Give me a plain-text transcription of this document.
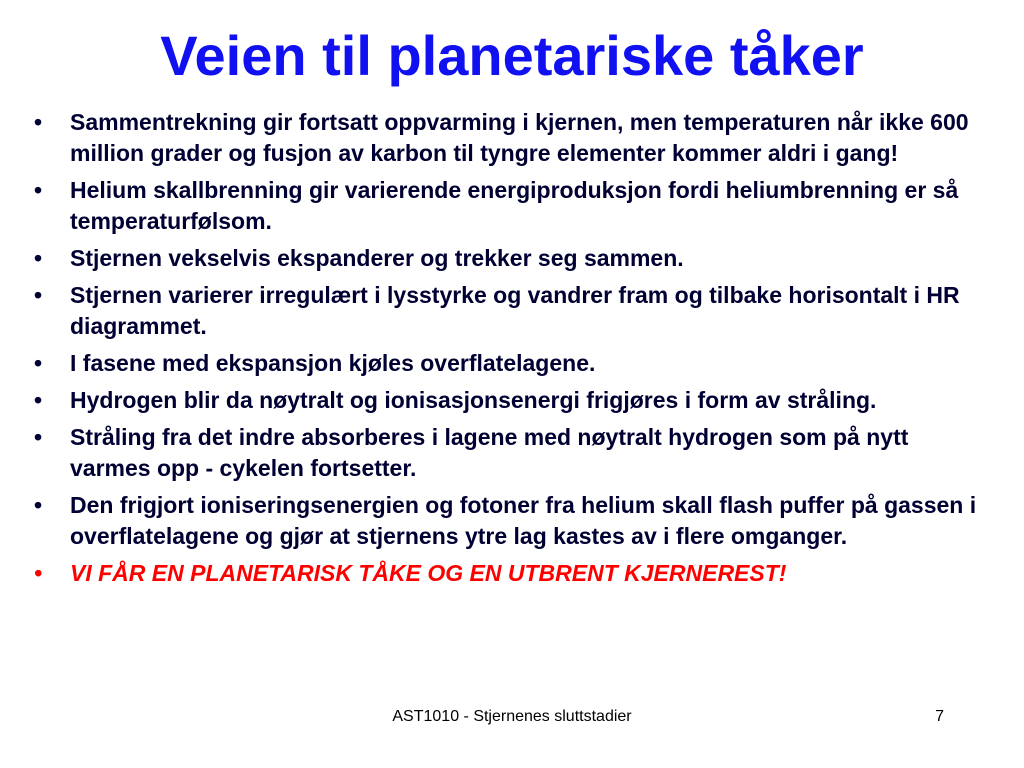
Veien til planetariske tåker
• Sammentrekning gir fortsatt oppvarming i kjernen, men temperaturen når ikke 600 million grader og fusjon av karbon til tyngre elementer kommer aldri i gang!
• Helium skallbrenning gir varierende energiproduksjon fordi heliumbrenning er så temperaturfølsom.
• Stjernen vekselvis ekspanderer og trekker seg sammen.
• Stjernen varierer irregulært i lysstyrke og vandrer fram og tilbake horisontalt i HR diagrammet.
• I fasene med ekspansjon kjøles overflatelagene.
• Hydrogen blir da nøytralt og ionisasjonsenergi frigjøres i form av stråling.
• Stråling fra det indre absorberes i lagene med nøytralt hydrogen som på nytt varmes opp - cykelen fortsetter.
• Den frigjort ioniseringsenergien og fotoner fra helium skall flash puffer på gassen i overflatelagene og gjør at stjernens ytre lag kastes av i flere omganger.
• VI FÅR EN PLANETARISK TÅKE OG EN UTBRENT KJERNEREST!
AST1010 - Stjernenes sluttstadier	7
